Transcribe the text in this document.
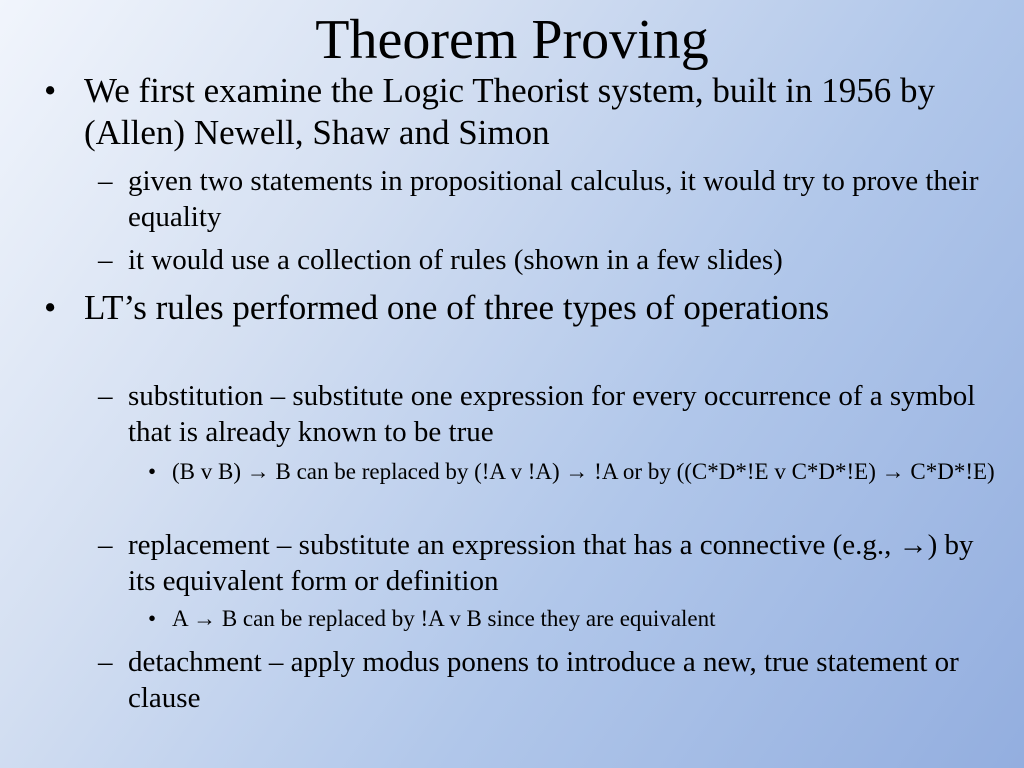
Theorem Proving
• We first examine the Logic Theorist system, built in 1956 by (Allen) Newell, Shaw and Simon
– given two statements in propositional calculus, it would try to prove their equality
– it would use a collection of rules (shown in a few slides)
• LT’s rules performed one of three types of operations
– substitution – substitute one expression for every occurrence of a symbol that is already known to be true
• (B v B) → B can be replaced by (!A v !A) → !A or by ((C*D*!E v C*D*!E) → C*D*!E)
– replacement – substitute an expression that has a connective (e.g., →) by its equivalent form or definition
• A → B can be replaced by !A v B since they are equivalent
– detachment – apply modus ponens to introduce a new, true statement or clause
